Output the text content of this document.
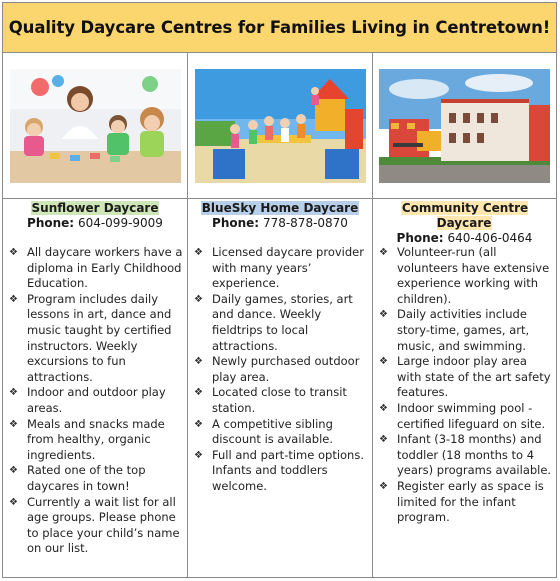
Quality Daycare Centres for Families Living in Centretown!
Sunflower Daycare
Phone: 604-099-9009
❖ All daycare workers have a diploma in Early Childhood Education.
❖ Program includes daily lessons in art, dance and music taught by certified instructors. Weekly excursions to fun attractions.
❖ Indoor and outdoor play areas.
❖ Meals and snacks made from healthy, organic ingredients.
❖ Rated one of the top daycares in town!
❖ Currently a wait list for all age groups. Please phone to place your child’s name on our list.
BlueSky Home Daycare
Phone: 778-878-0870
❖ Licensed daycare provider with many years’ experience.
❖ Daily games, stories, art and dance. Weekly fieldtrips to local attractions.
❖ Newly purchased outdoor play area.
❖ Located close to transit station.
❖ A competitive sibling discount is available.
❖ Full and part-time options. Infants and toddlers welcome.
Community Centre Daycare
Phone: 640-406-0464
❖ Volunteer-run (all volunteers have extensive experience working with children).
❖ Daily activities include story-time, games, art, music, and swimming.
❖ Large indoor play area with state of the art safety features.
❖ Indoor swimming pool - certified lifeguard on site.
❖ Infant (3-18 months) and toddler (18 months to 4 years) programs available.
❖ Register early as space is limited for the infant program.
